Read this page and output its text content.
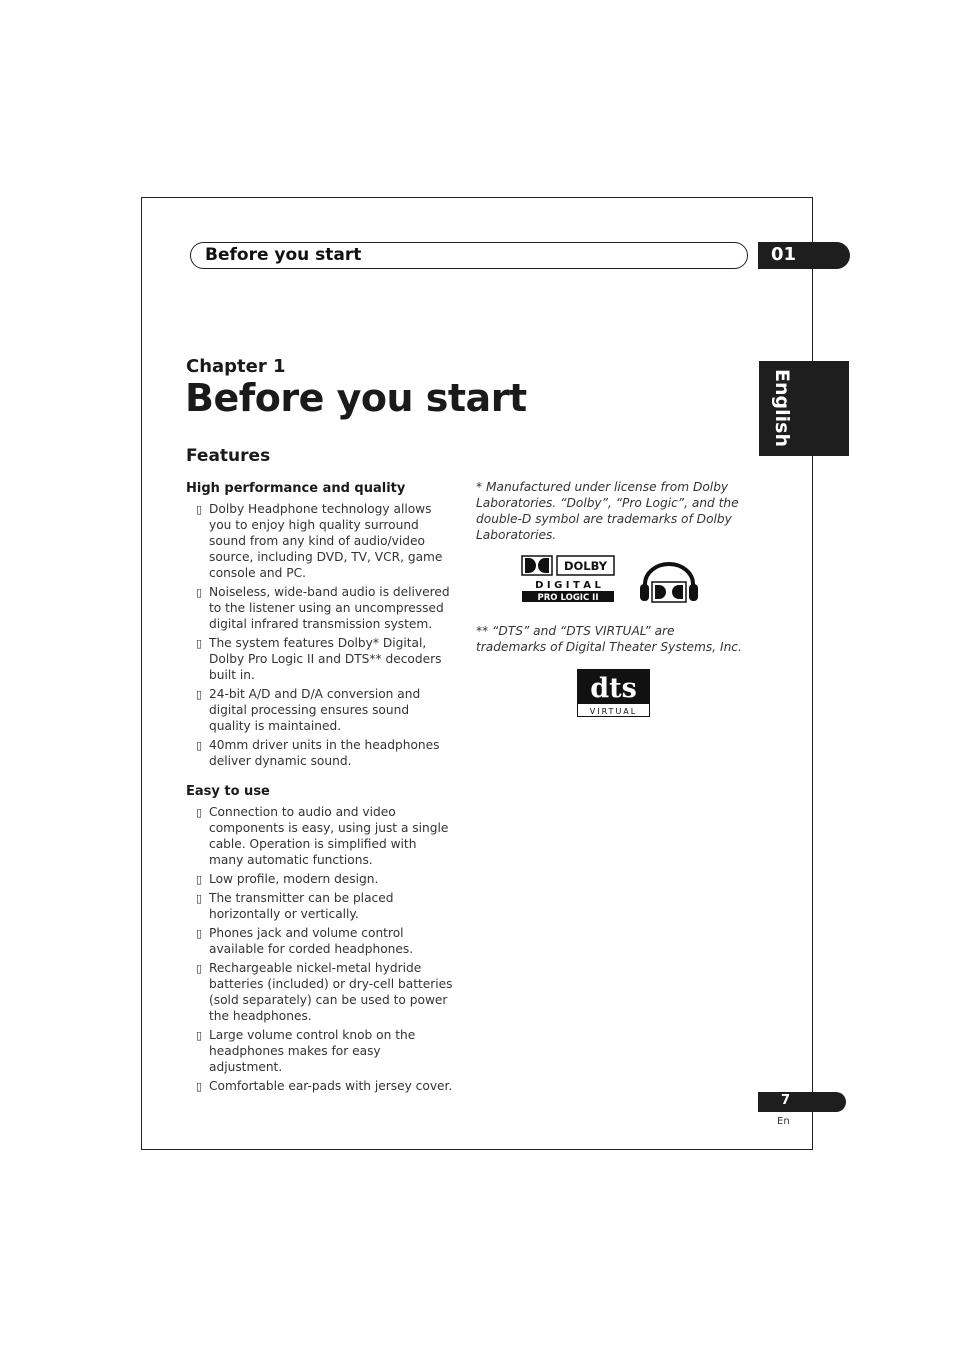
Before you start	01
English
Chapter 1
Before you start
Features
High performance and quality
▯ Dolby Headphone technology allows you to enjoy high quality surround sound from any kind of audio/video source, including DVD, TV, VCR, game console and PC.
▯ Noiseless, wide-band audio is delivered to the listener using an uncompressed digital infrared transmission system.
▯ The system features Dolby* Digital, Dolby Pro Logic II and DTS** decoders built in.
▯ 24-bit A/D and D/A conversion and digital processing ensures sound quality is maintained.
▯ 40mm driver units in the headphones deliver dynamic sound.
Easy to use
▯ Connection to audio and video components is easy, using just a single cable. Operation is simplified with many automatic functions.
▯ Low profile, modern design.
▯ The transmitter can be placed horizontally or vertically.
▯ Phones jack and volume control available for corded headphones.
▯ Rechargeable nickel-metal hydride batteries (included) or dry-cell batteries (sold separately) can be used to power the headphones.
▯ Large volume control knob on the headphones makes for easy adjustment.
▯ Comfortable ear-pads with jersey cover.

* Manufactured under license from Dolby Laboratories. “Dolby”, “Pro Logic”, and the double-D symbol are trademarks of Dolby Laboratories.

DOLBY
D I G I T A L
PRO LOGIC II

** “DTS” and “DTS VIRTUAL” are trademarks of Digital Theater Systems, Inc.

dts
VIRTUAL
7
En
